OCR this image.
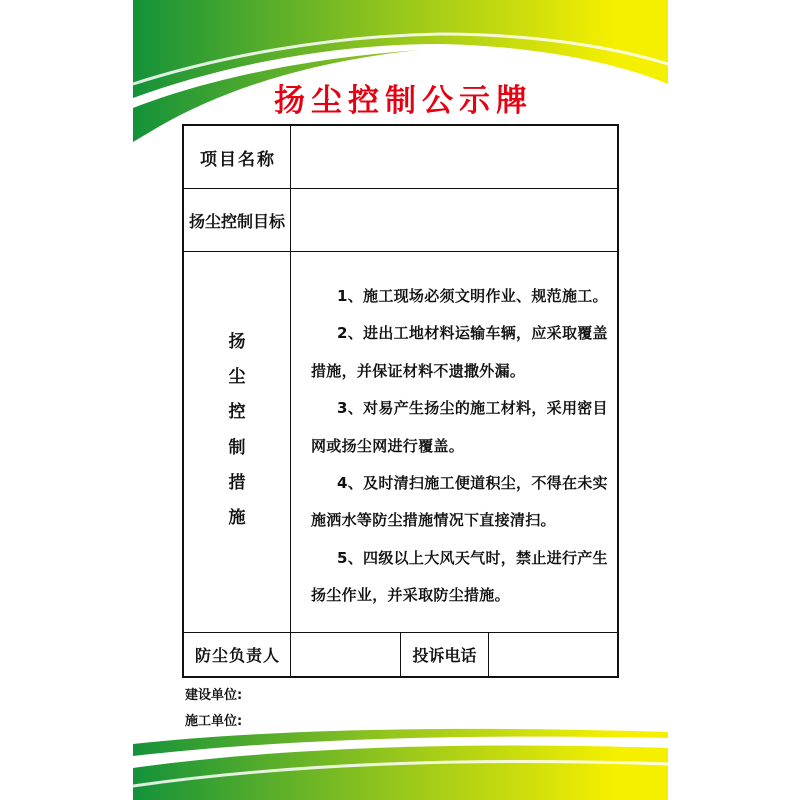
扬尘控制公示牌
项目名称
扬尘控制目标
扬尘控制措施
1、施工现场必须文明作业、规范施工。
2、进出工地材料运输车辆，应采取覆盖
措施，并保证材料不遗撒外漏。
3、对易产生扬尘的施工材料，采用密目
网或扬尘网进行覆盖。
4、及时清扫施工便道积尘，不得在未实
施洒水等防尘措施情况下直接清扫。
5、四级以上大风天气时，禁止进行产生
扬尘作业，并采取防尘措施。
防尘负责人	投诉电话
建设单位:
施工单位:
